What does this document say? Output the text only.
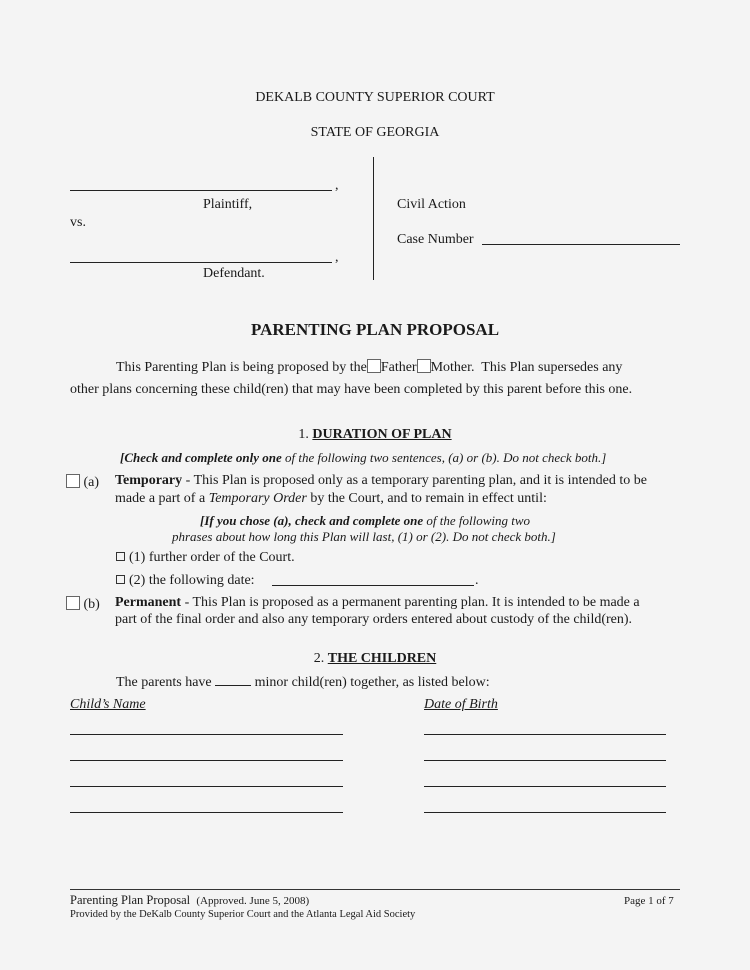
DEKALB COUNTY SUPERIOR COURT
STATE OF GEORGIA
,
Plaintiff,
vs.
,
Defendant.
Civil Action
Case Number
PARENTING PLAN PROPOSAL
This Parenting Plan is being proposed by the Father Mother. This Plan supersedes any
other plans concerning these child(ren) that may have been completed by this parent before this one.
1. DURATION OF PLAN
[Check and complete only one of the following two sentences, (a) or (b). Do not check both.]
(a) Temporary - This Plan is proposed only as a temporary parenting plan, and it is intended to be
made a part of a Temporary Order by the Court, and to remain in effect until:
[If you chose (a), check and complete one of the following two
phrases about how long this Plan will last, (1) or (2). Do not check both.]
(1) further order of the Court.
(2) the following date:	.
(b) Permanent - This Plan is proposed as a permanent parenting plan. It is intended to be made a
part of the final order and also any temporary orders entered about custody of the child(ren).
2. THE CHILDREN
The parents have	minor child(ren) together, as listed below:
Child’s Name	Date of Birth
Parenting Plan Proposal (Approved. June 5, 2008)	Page 1 of 7
Provided by the DeKalb County Superior Court and the Atlanta Legal Aid Society
